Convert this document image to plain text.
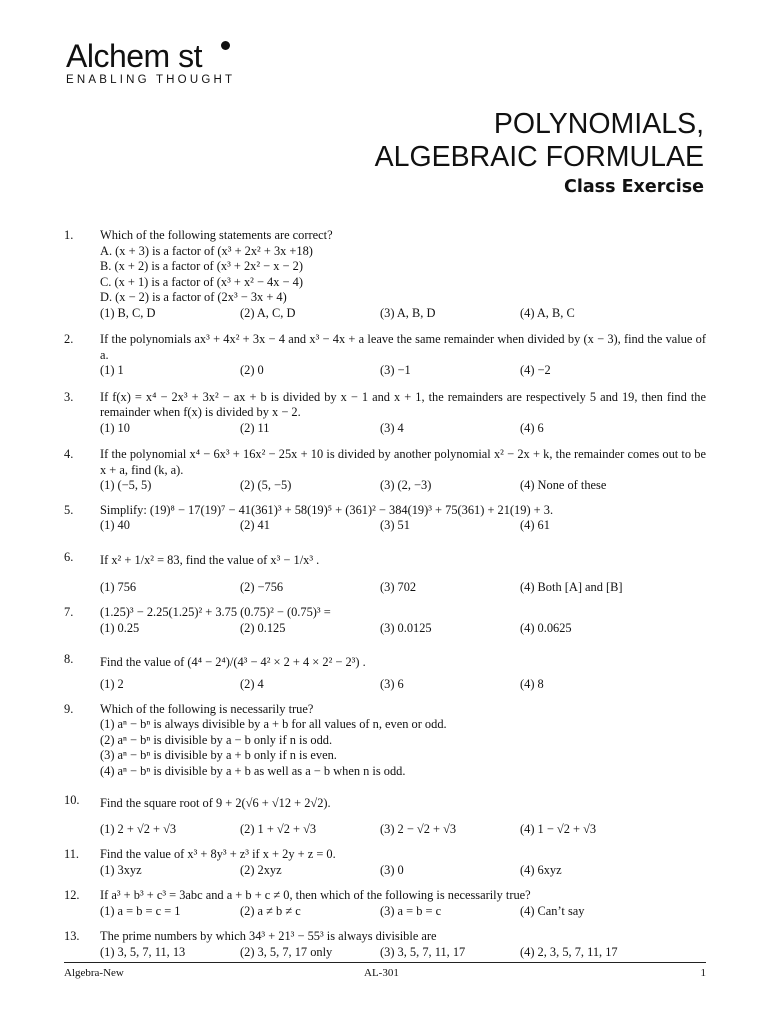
Alchem st
ENABLING THOUGHT
POLYNOMIALS,
ALGEBRAIC FORMULAE
Class Exercise
1. Which of the following statements are correct?
A. (x + 3) is a factor of (x³ + 2x² + 3x +18)
B. (x + 2) is a factor of (x³ + 2x² − x − 2)
C. (x + 1) is a factor of (x³ + x² − 4x − 4)
D. (x − 2) is a factor of (2x³ − 3x + 4)
(1) B, C, D	(2) A, C, D	(3) A, B, D	(4) A, B, C
2. If the polynomials ax³ + 4x² + 3x − 4 and x³ − 4x + a leave the same remainder when divided by (x − 3), find the value of a.
(1) 1	(2) 0	(3) −1	(4) −2
3. If f(x) = x⁴ − 2x³ + 3x² − ax + b is divided by x − 1 and x + 1, the remainders are respectively 5 and 19, then find the remainder when f(x) is divided by x − 2.
(1) 10	(2) 11	(3) 4	(4) 6
4. If the polynomial x⁴ − 6x³ + 16x² − 25x + 10 is divided by another polynomial x² − 2x + k, the remainder comes out to be x + a, find (k, a).
(1) (−5, 5)	(2) (5, −5)	(3) (2, −3)	(4) None of these
5. Simplify: (19)⁸ − 17(19)⁷ − 41(361)³ + 58(19)⁵ + (361)² − 384(19)³ + 75(361) + 21(19) + 3.
(1) 40	(2) 41	(3) 51	(4) 61
6. If x² + 1/x² = 83, find the value of x³ − 1/x³ .
(1) 756	(2) −756	(3) 702	(4) Both [A] and [B]
7. (1.25)³ − 2.25(1.25)² + 3.75 (0.75)² − (0.75)³ =
(1) 0.25	(2) 0.125	(3) 0.0125	(4) 0.0625
8. Find the value of (4⁴ − 2⁴)/(4³ − 4² × 2 + 4 × 2² − 2³) .
(1) 2	(2) 4	(3) 6	(4) 8
9. Which of the following is necessarily true?
(1) aⁿ − bⁿ is always divisible by a + b for all values of n, even or odd.
(2) aⁿ − bⁿ is divisible by a − b only if n is odd.
(3) aⁿ − bⁿ is divisible by a + b only if n is even.
(4) aⁿ − bⁿ is divisible by a + b as well as a − b when n is odd.
10. Find the square root of 9 + 2(√6 + √12 + 2√2).
(1) 2 + √2 + √3	(2) 1 + √2 + √3	(3) 2 − √2 + √3	(4) 1 − √2 + √3
11. Find the value of x³ + 8y³ + z³ if x + 2y + z = 0.
(1) 3xyz	(2) 2xyz	(3) 0	(4) 6xyz
12. If a³ + b³ + c³ = 3abc and a + b + c ≠ 0, then which of the following is necessarily true?
(1) a = b = c = 1	(2) a ≠ b ≠ c	(3) a = b = c	(4) Can’t say
13. The prime numbers by which 34³ + 21³ − 55³ is always divisible are
(1) 3, 5, 7, 11, 13	(2) 3, 5, 7, 17 only	(3) 3, 5, 7, 11, 17	(4) 2, 3, 5, 7, 11, 17
Algebra-New	AL-301	1
